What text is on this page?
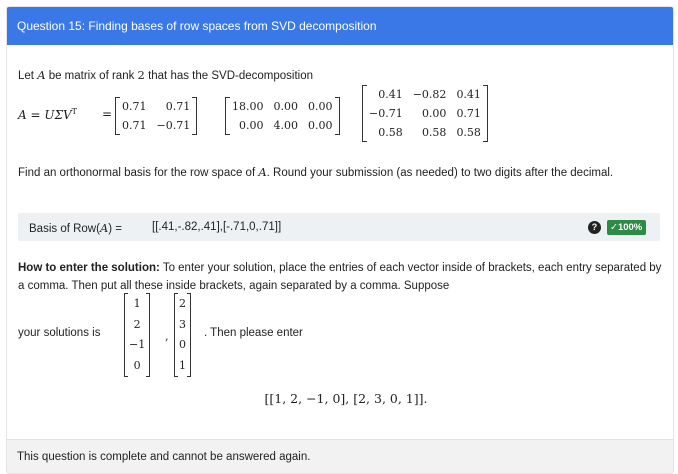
Question 15: Finding bases of row spaces from SVD decomposition
Let A be matrix of rank 2 that has the SVD-decomposition
$A = U\Sigma V^T$	0.71	0.71
0.71 −0.71
18.00 0.00 0.00
0.00 4.00 0.00
0.41 −0.82 0.41
−0.71	0.00 0.71
0.58	0.58 0.58
=
Find an orthonormal basis for the row space of A. Round your submission (as needed) to two digits after the decimal.
Basis of Row(A) =	[[.41,-.82,.41],[-.71,0,.71]]	?	✓100%
How to enter the solution: To enter your solution, place the entries of each vector inside of brackets, each entry separated by a comma. Then put all these inside brackets, again separated by a comma. Suppose
your solutions is
1
2
−1
0
,
2
3
0
1
. Then please enter
[[1, 2, −1, 0], [2, 3, 0, 1]].
This question is complete and cannot be answered again.
